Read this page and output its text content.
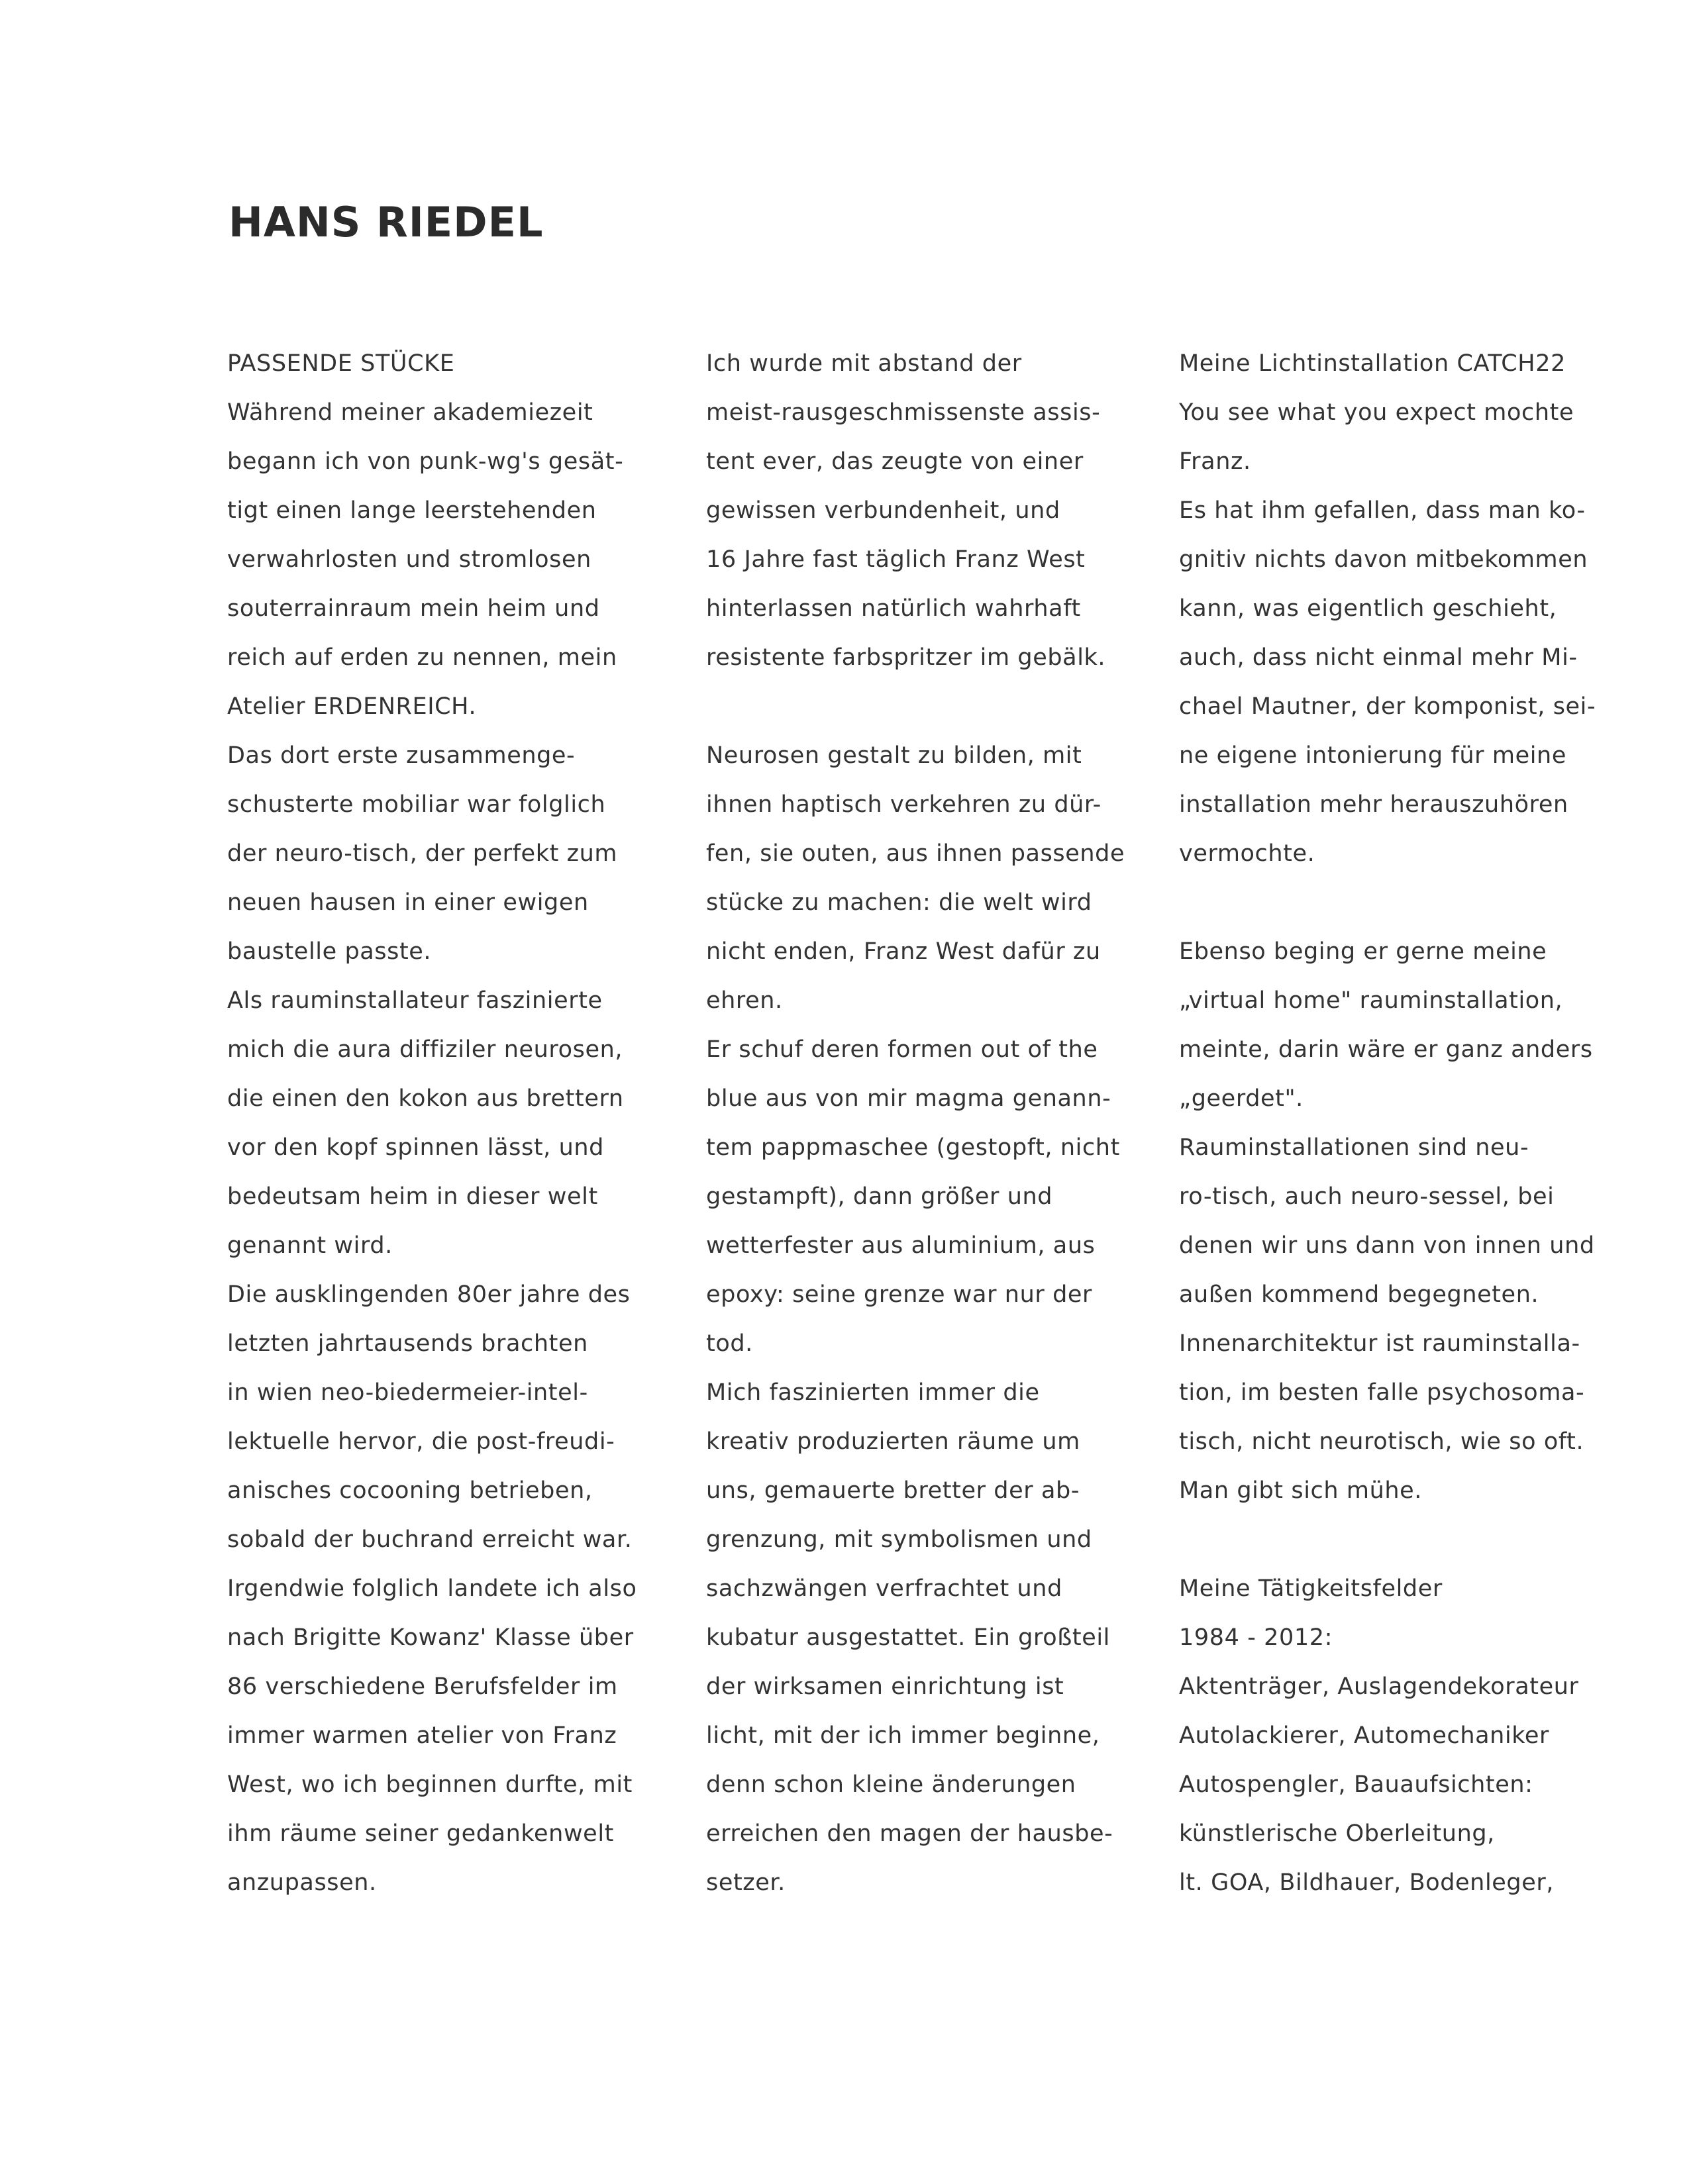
HANS RIEDEL
PASSENDE STÜCKE
Während meiner akademiezeit
begann ich von punk-wg's gesät-
tigt einen lange leerstehenden
verwahrlosten und stromlosen
souterrainraum mein heim und
reich auf erden zu nennen, mein
Atelier ERDENREICH.
Das dort erste zusammenge-
schusterte mobiliar war folglich
der neuro-tisch, der perfekt zum
neuen hausen in einer ewigen
baustelle passte.
Als rauminstallateur faszinierte
mich die aura diffiziler neurosen,
die einen den kokon aus brettern
vor den kopf spinnen lässt, und
bedeutsam heim in dieser welt
genannt wird.
Die ausklingenden 80er jahre des
letzten jahrtausends brachten
in wien neo-biedermeier-intel-
lektuelle hervor, die post-freudi-
anisches cocooning betrieben,
sobald der buchrand erreicht war.
Irgendwie folglich landete ich also
nach Brigitte Kowanz' Klasse über
86 verschiedene Berufsfelder im
immer warmen atelier von Franz
West, wo ich beginnen durfte, mit
ihm räume seiner gedankenwelt
anzupassen.
Ich wurde mit abstand der
meist-rausgeschmissenste assis-
tent ever, das zeugte von einer
gewissen verbundenheit, und
16 Jahre fast täglich Franz West
hinterlassen natürlich wahrhaft
resistente farbspritzer im gebälk.
Neurosen gestalt zu bilden, mit
ihnen haptisch verkehren zu dür-
fen, sie outen, aus ihnen passende
stücke zu machen: die welt wird
nicht enden, Franz West dafür zu
ehren.
Er schuf deren formen out of the
blue aus von mir magma genann-
tem pappmaschee (gestopft, nicht
gestampft), dann größer und
wetterfester aus aluminium, aus
epoxy: seine grenze war nur der
tod.
Mich faszinierten immer die
kreativ produzierten räume um
uns, gemauerte bretter der ab-
grenzung, mit symbolismen und
sachzwängen verfrachtet und
kubatur ausgestattet. Ein großteil
der wirksamen einrichtung ist
licht, mit der ich immer beginne,
denn schon kleine änderungen
erreichen den magen der hausbe-
setzer.
Meine Lichtinstallation CATCH22
You see what you expect mochte
Franz.
Es hat ihm gefallen, dass man ko-
gnitiv nichts davon mitbekommen
kann, was eigentlich geschieht,
auch, dass nicht einmal mehr Mi-
chael Mautner, der komponist, sei-
ne eigene intonierung für meine
installation mehr herauszuhören
vermochte.
Ebenso beging er gerne meine
„virtual home" rauminstallation,
meinte, darin wäre er ganz anders
„geerdet".
Rauminstallationen sind neu-
ro-tisch, auch neuro-sessel, bei
denen wir uns dann von innen und
außen kommend begegneten.
Innenarchitektur ist rauminstalla-
tion, im besten falle psychosoma-
tisch, nicht neurotisch, wie so oft.
Man gibt sich mühe.
Meine Tätigkeitsfelder
1984 - 2012:
Aktenträger, Auslagendekorateur
Autolackierer, Automechaniker
Autospengler, Bauaufsichten:
künstlerische Oberleitung,
lt. GOA, Bildhauer, Bodenleger,
